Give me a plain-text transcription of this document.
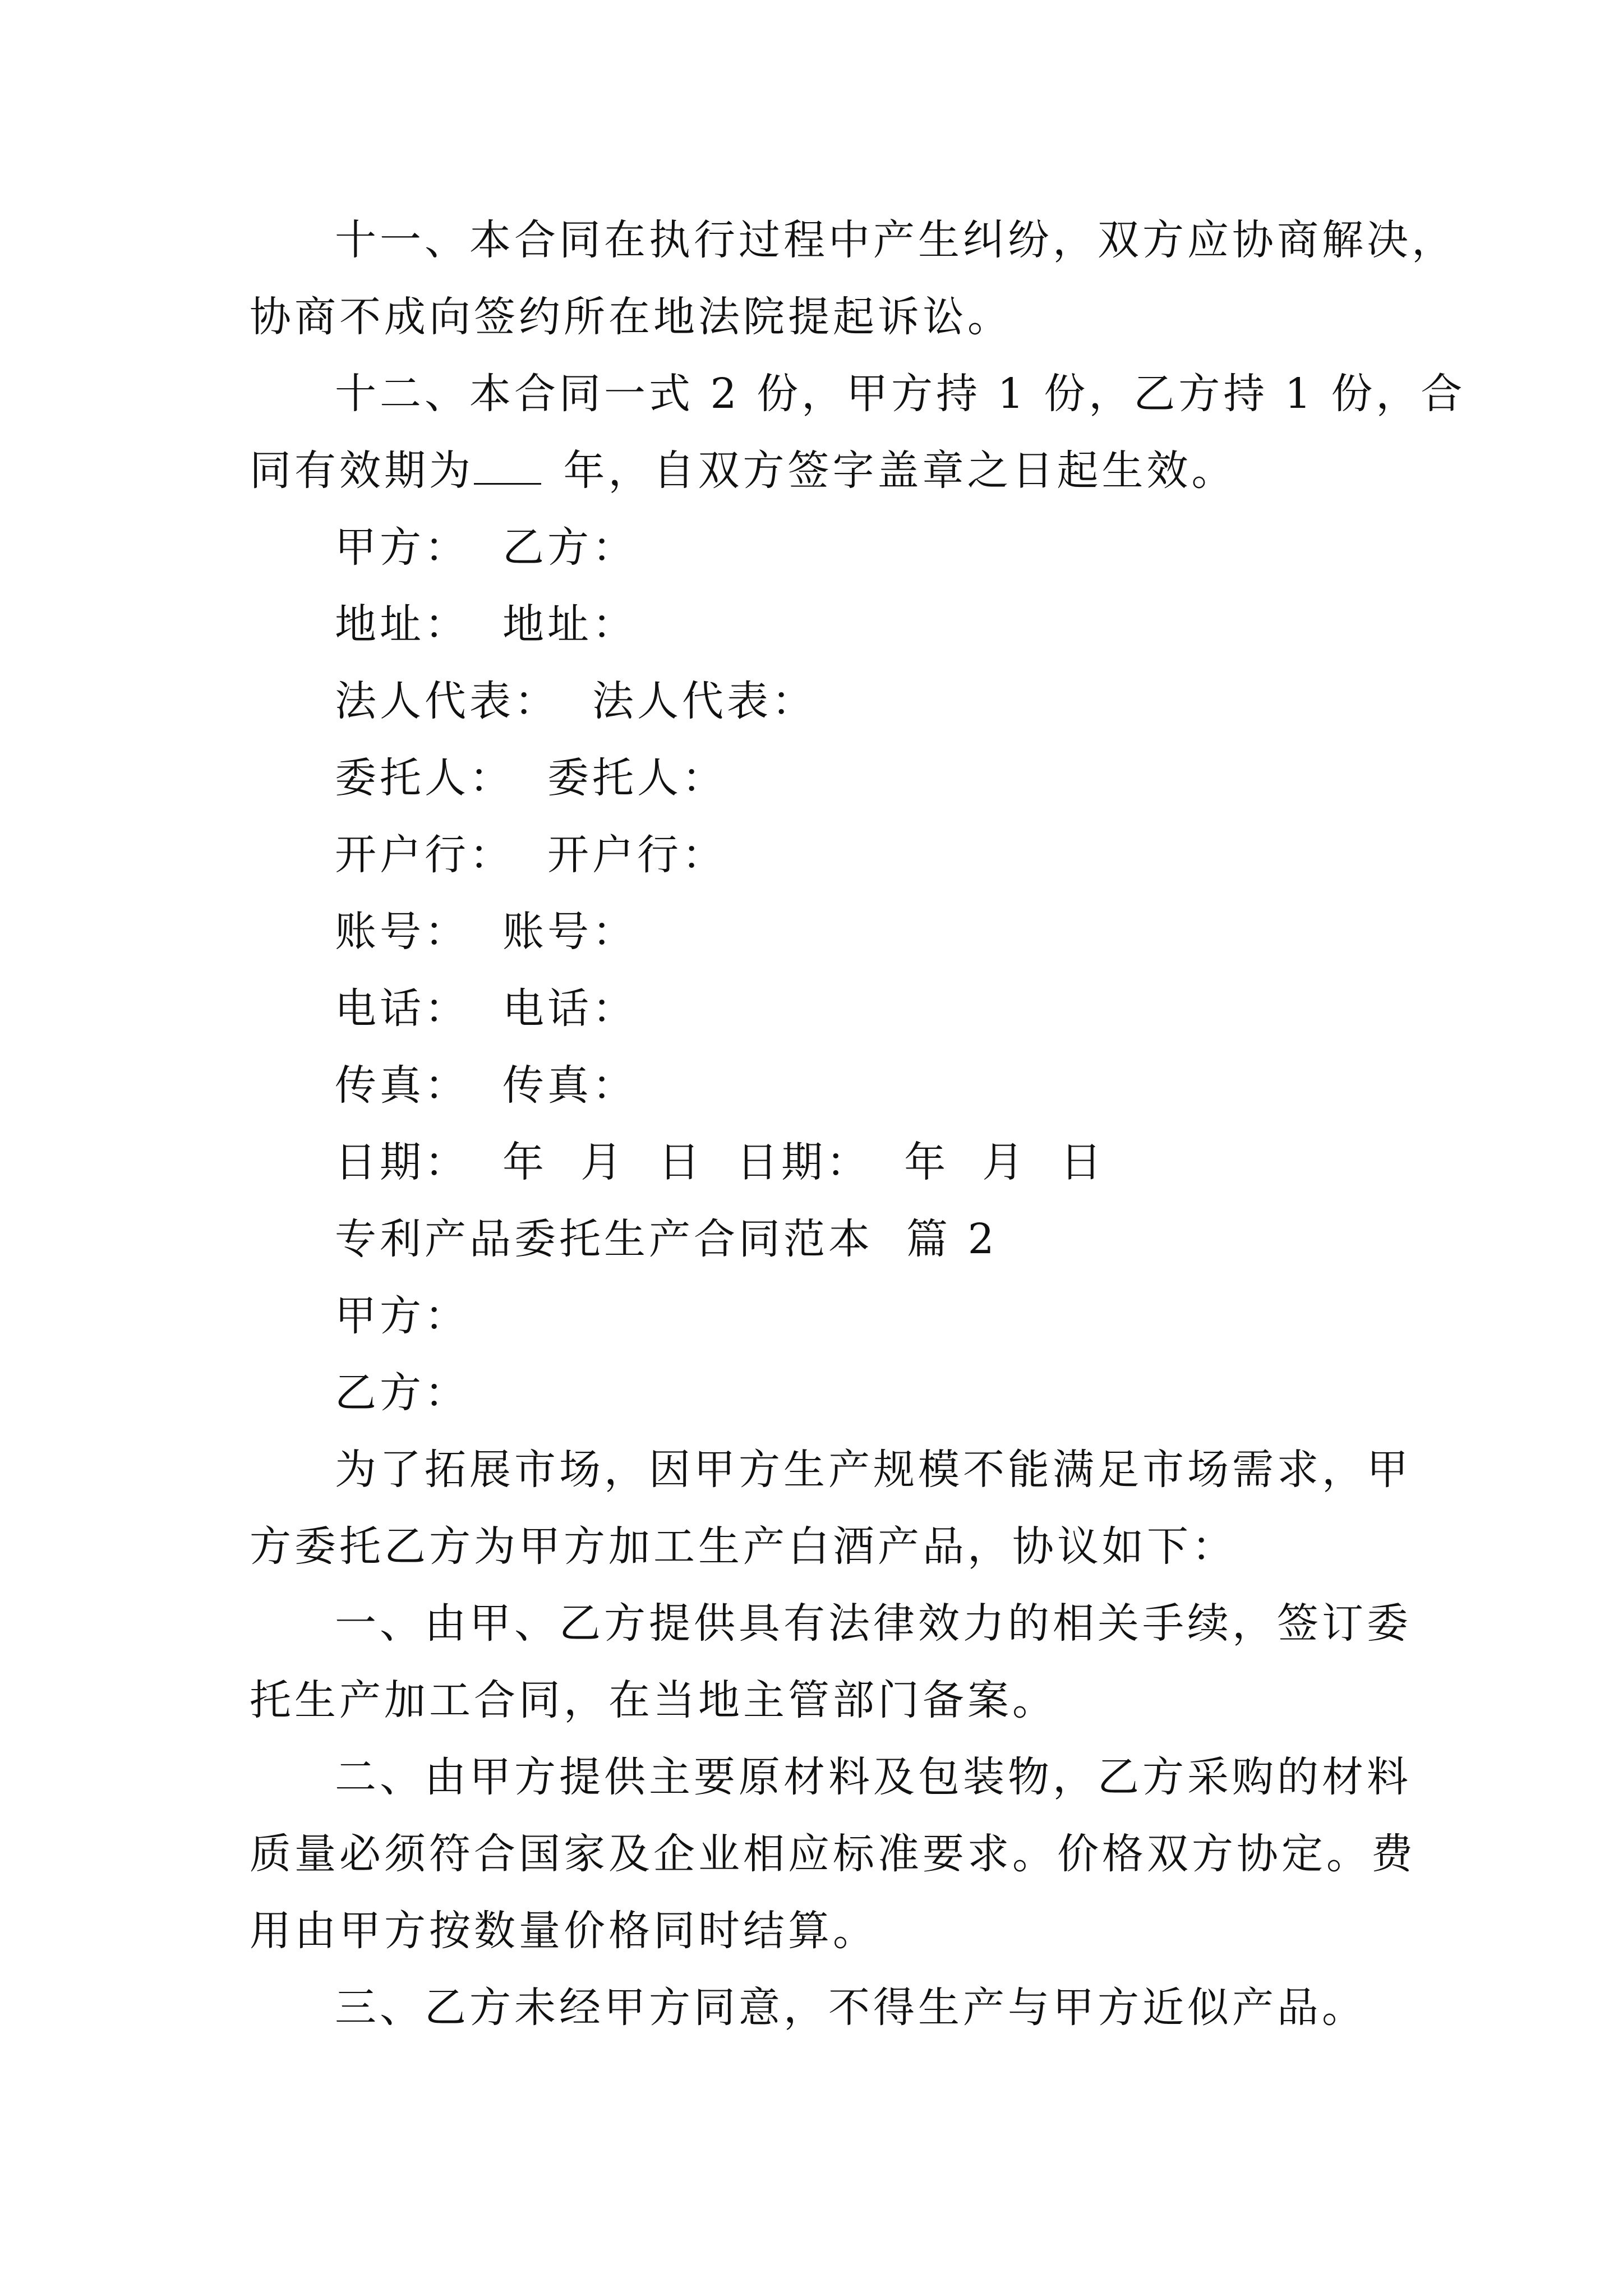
十一、本合同在执行过程中产生纠纷，双方应协商解决，
协商不成向签约所在地法院提起诉讼。
十二、本合同一式 2 份，甲方持 1 份，乙方持 1 份，合
同有效期为 年，自双方签字盖章之日起生效。
甲方：  乙方：
地址：  地址：
法人代表：  法人代表：
委托人：  委托人：
开户行：  开户行：
账号：  账号：
电话：  电话：
传真：  传真：
日期：  年  月  日  日期：  年  月  日
专利产品委托生产合同范本  篇 2
甲方：
乙方：
为了拓展市场，因甲方生产规模不能满足市场需求，甲
方委托乙方为甲方加工生产白酒产品，协议如下：
一、由甲、乙方提供具有法律效力的相关手续，签订委
托生产加工合同，在当地主管部门备案。
二、由甲方提供主要原材料及包装物，乙方采购的材料
质量必须符合国家及企业相应标准要求。价格双方协定。费
用由甲方按数量价格同时结算。
三、乙方未经甲方同意，不得生产与甲方近似产品。
